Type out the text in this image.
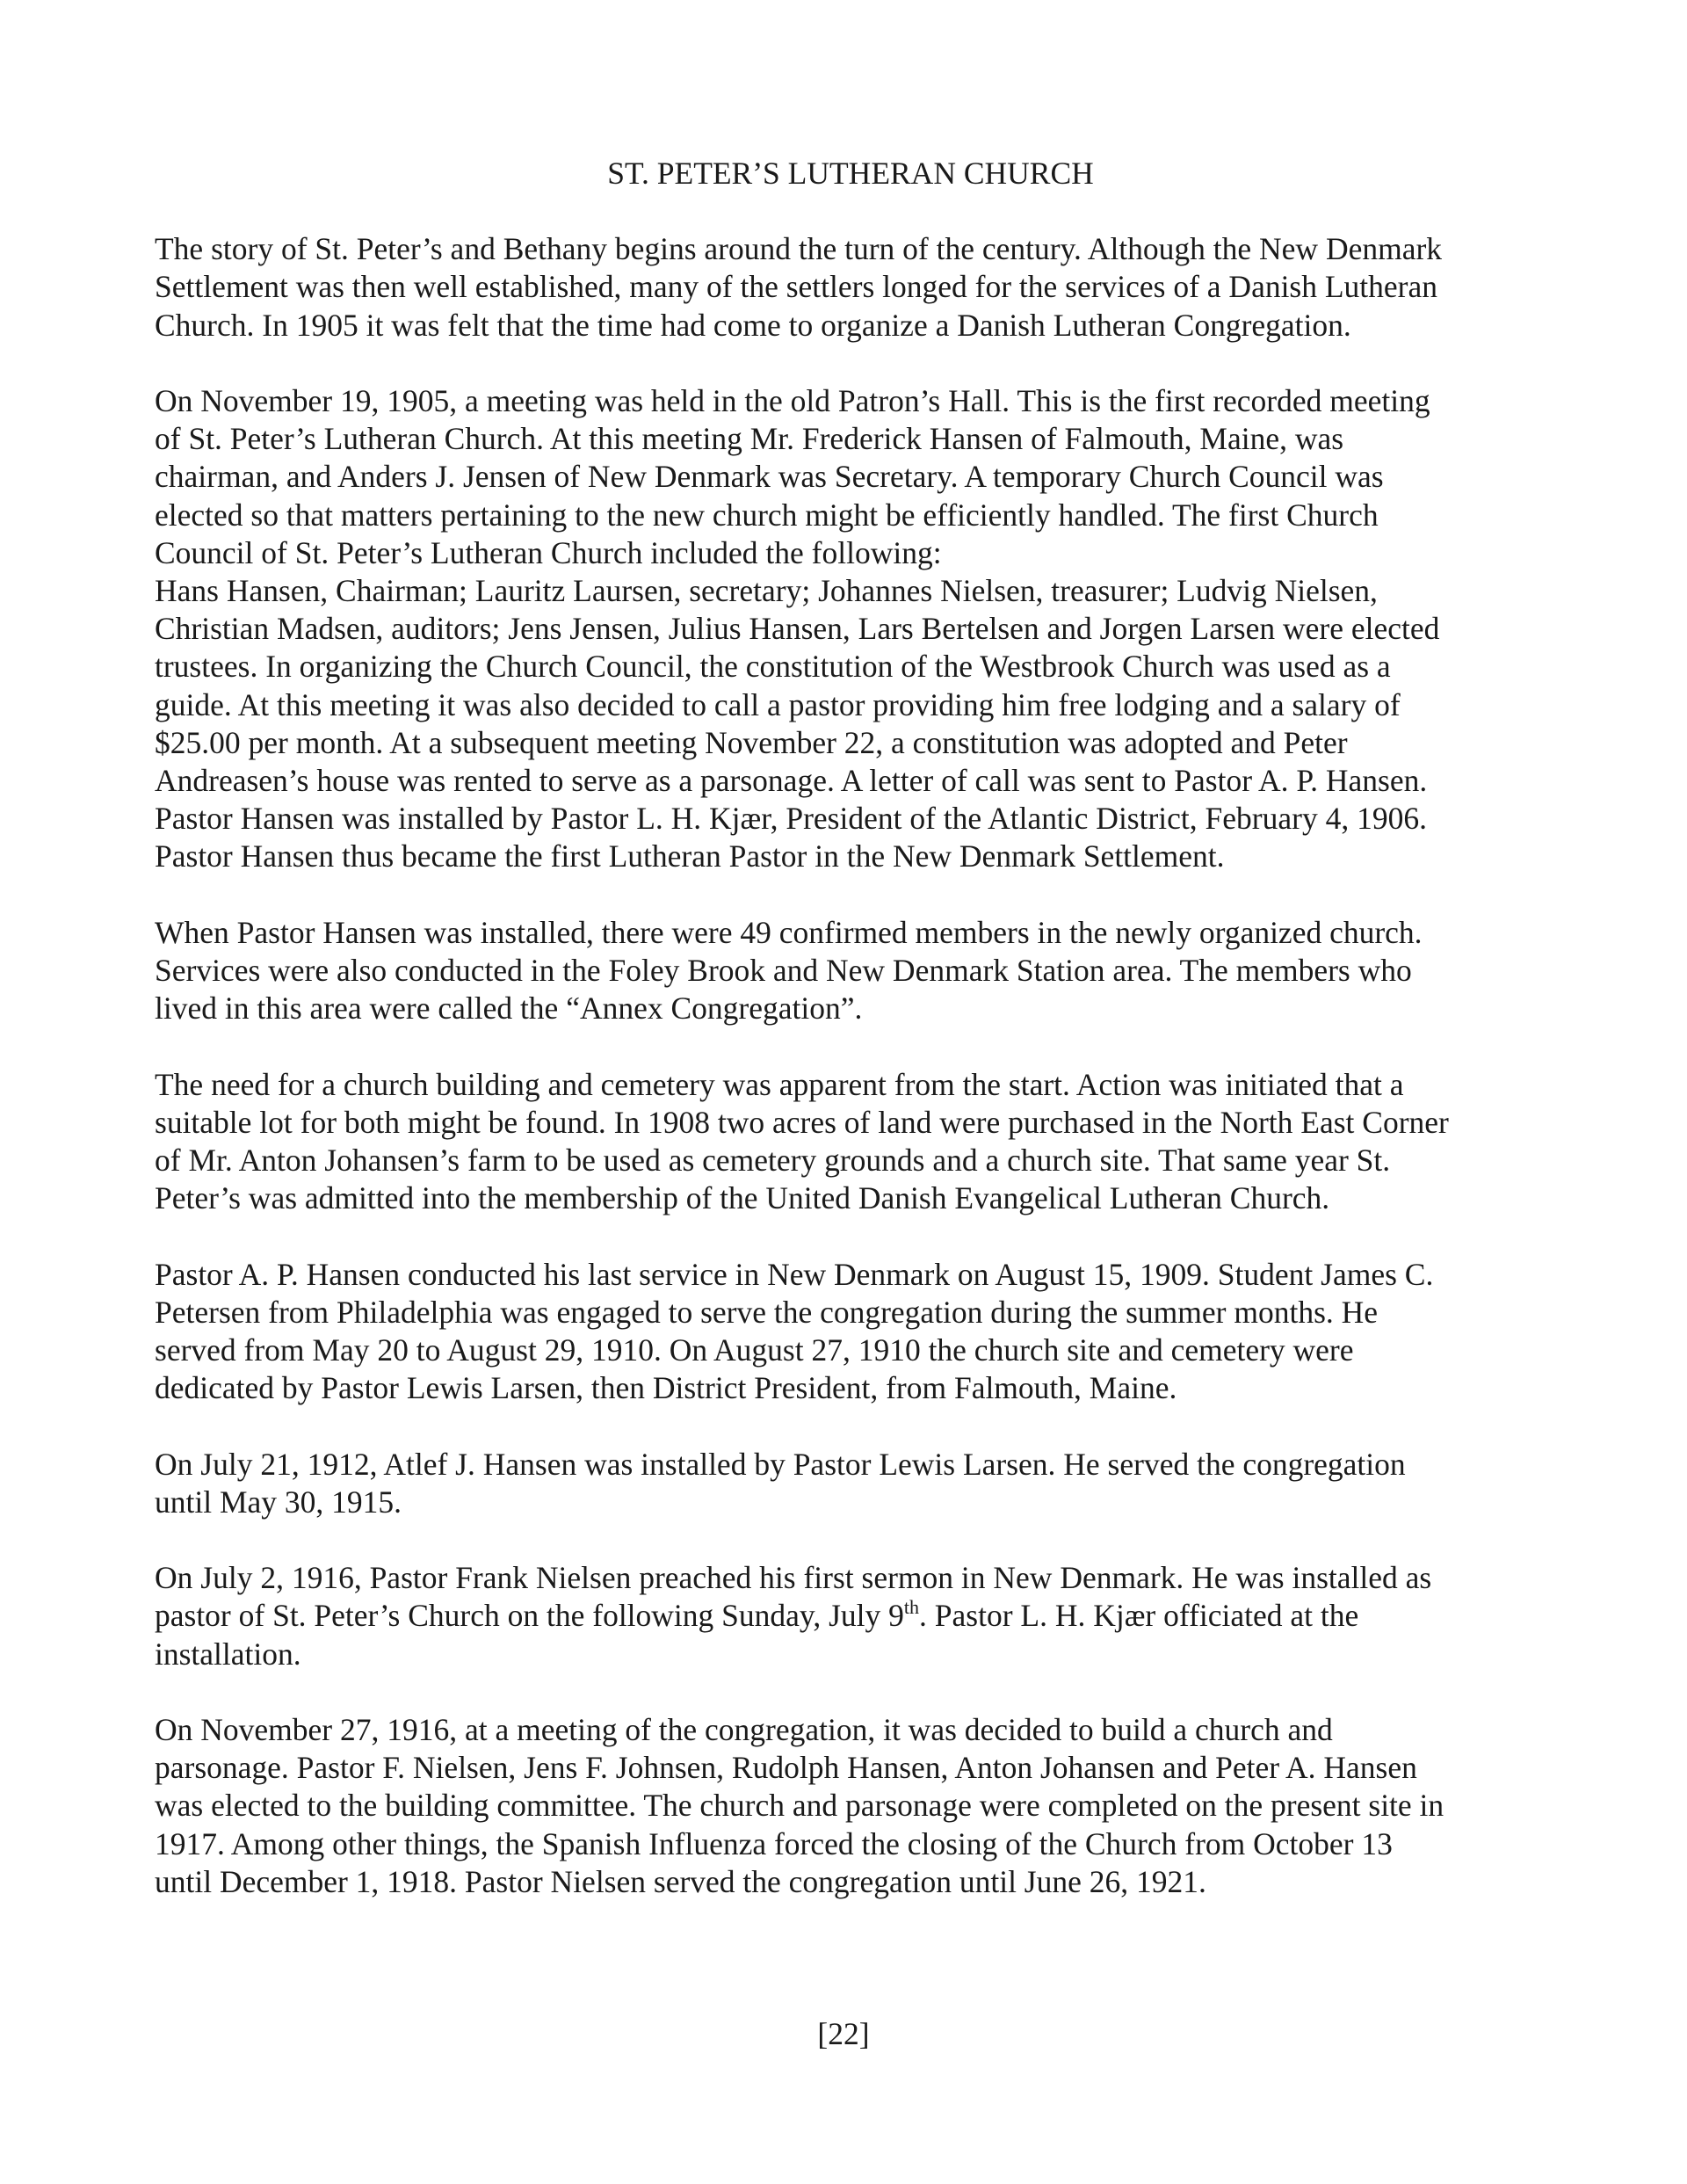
ST. PETER’S LUTHERAN CHURCH
The story of St. Peter’s and Bethany begins around the turn of the century. Although the New Denmark
Settlement was then well established, many of the settlers longed for the services of a Danish Lutheran
Church. In 1905 it was felt that the time had come to organize a Danish Lutheran Congregation.
On November 19, 1905, a meeting was held in the old Patron’s Hall. This is the first recorded meeting
of St. Peter’s Lutheran Church. At this meeting Mr. Frederick Hansen of Falmouth, Maine, was
chairman, and Anders J. Jensen of New Denmark was Secretary. A temporary Church Council was
elected so that matters pertaining to the new church might be efficiently handled. The first Church
Council of St. Peter’s Lutheran Church included the following:
Hans Hansen, Chairman; Lauritz Laursen, secretary; Johannes Nielsen, treasurer; Ludvig Nielsen,
Christian Madsen, auditors; Jens Jensen, Julius Hansen, Lars Bertelsen and Jorgen Larsen were elected
trustees. In organizing the Church Council, the constitution of the Westbrook Church was used as a
guide. At this meeting it was also decided to call a pastor providing him free lodging and a salary of
$25.00 per month. At a subsequent meeting November 22, a constitution was adopted and Peter
Andreasen’s house was rented to serve as a parsonage. A letter of call was sent to Pastor A. P. Hansen.
Pastor Hansen was installed by Pastor L. H. Kjær, President of the Atlantic District, February 4, 1906.
Pastor Hansen thus became the first Lutheran Pastor in the New Denmark Settlement.
When Pastor Hansen was installed, there were 49 confirmed members in the newly organized church.
Services were also conducted in the Foley Brook and New Denmark Station area. The members who
lived in this area were called the “Annex Congregation”.
The need for a church building and cemetery was apparent from the start. Action was initiated that a
suitable lot for both might be found. In 1908 two acres of land were purchased in the North East Corner
of Mr. Anton Johansen’s farm to be used as cemetery grounds and a church site. That same year St.
Peter’s was admitted into the membership of the United Danish Evangelical Lutheran Church.
Pastor A. P. Hansen conducted his last service in New Denmark on August 15, 1909. Student James C.
Petersen from Philadelphia was engaged to serve the congregation during the summer months. He
served from May 20 to August 29, 1910. On August 27, 1910 the church site and cemetery were
dedicated by Pastor Lewis Larsen, then District President, from Falmouth, Maine.
On July 21, 1912, Atlef J. Hansen was installed by Pastor Lewis Larsen. He served the congregation
until May 30, 1915.
On July 2, 1916, Pastor Frank Nielsen preached his first sermon in New Denmark. He was installed as
pastor of St. Peter’s Church on the following Sunday, July 9th. Pastor L. H. Kjær officiated at the
installation.
On November 27, 1916, at a meeting of the congregation, it was decided to build a church and
parsonage. Pastor F. Nielsen, Jens F. Johnsen, Rudolph Hansen, Anton Johansen and Peter A. Hansen
was elected to the building committee. The church and parsonage were completed on the present site in
1917. Among other things, the Spanish Influenza forced the closing of the Church from October 13
until December 1, 1918. Pastor Nielsen served the congregation until June 26, 1921.
[22]
